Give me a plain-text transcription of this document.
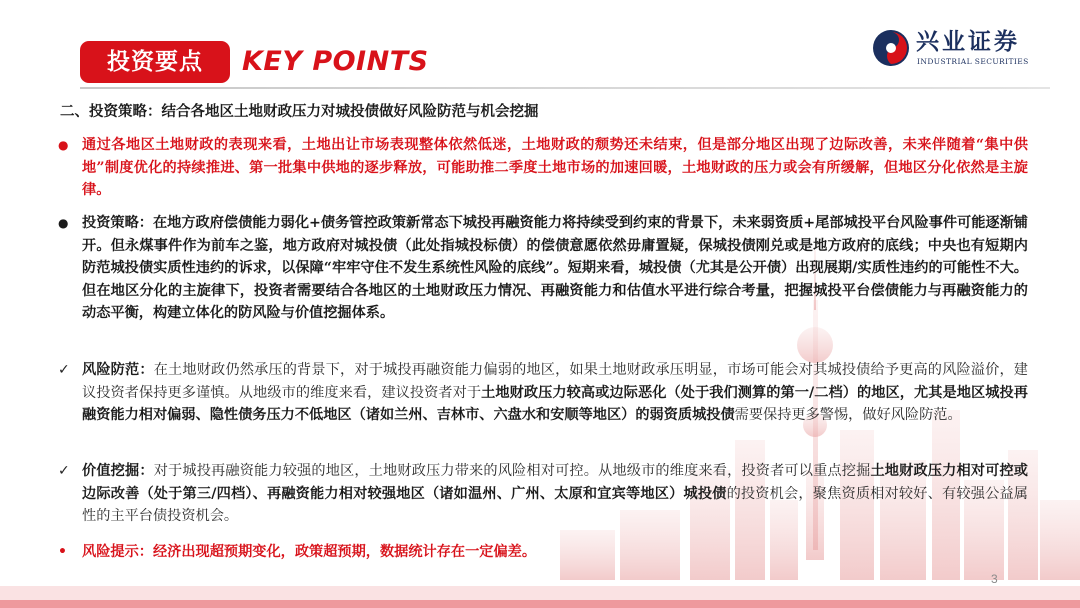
投资要点	KEY POINTS
兴业证券
INDUSTRIAL SECURITIES
二、投资策略：结合各地区土地财政压力对城投债做好风险防范与机会挖掘
● 通过各地区土地财政的表现来看，土地出让市场表现整体依然低迷，土地财政的颓势还未结束，但是部分地区出现了边际改善，未来伴随着“集中供地”制度优化的持续推进、第一批集中供地的逐步释放，可能助推二季度土地市场的加速回暖，土地财政的压力或会有所缓解，但地区分化依然是主旋律。
● 投资策略：在地方政府偿债能力弱化+债务管控政策新常态下城投再融资能力将持续受到约束的背景下，未来弱资质+尾部城投平台风险事件可能逐渐铺开。但永煤事件作为前车之鉴，地方政府对城投债（此处指城投标债）的偿债意愿依然毋庸置疑，保城投债刚兑或是地方政府的底线；中央也有短期内防范城投债实质性违约的诉求，以保障“牢牢守住不发生系统性风险的底线”。短期来看，城投债（尤其是公开债）出现展期/实质性违约的可能性不大。但在地区分化的主旋律下，投资者需要结合各地区的土地财政压力情况、再融资能力和估值水平进行综合考量，把握城投平台偿债能力与再融资能力的动态平衡，构建立体化的防风险与价值挖掘体系。
✓ 风险防范：在土地财政仍然承压的背景下，对于城投再融资能力偏弱的地区，如果土地财政承压明显，市场可能会对其城投债给予更高的风险溢价，建议投资者保持更多谨慎。从地级市的维度来看，建议投资者对于土地财政压力较高或边际恶化（处于我们测算的第一/二档）的地区，尤其是地区城投再融资能力相对偏弱、隐性债务压力不低地区（诸如兰州、吉林市、六盘水和安顺等地区）的弱资质城投债需要保持更多警惕，做好风险防范。
✓ 价值挖掘：对于城投再融资能力较强的地区，土地财政压力带来的风险相对可控。从地级市的维度来看，投资者可以重点挖掘土地财政压力相对可控或边际改善（处于第三/四档）、再融资能力相对较强地区（诸如温州、广州、太原和宜宾等地区）城投债的投资机会，聚焦资质相对较好、有较强公益属性的主平台债投资机会。
• 风险提示：经济出现超预期变化，政策超预期，数据统计存在一定偏差。
3
